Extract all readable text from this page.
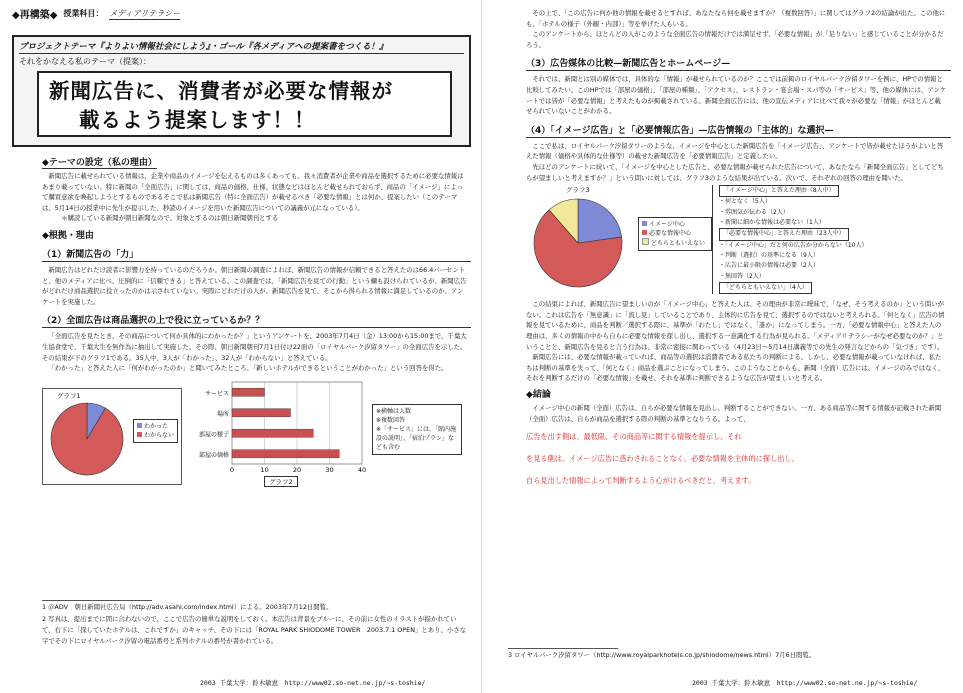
◆再構築◆ 授業科目： メディアリテラシー
プロジェクトテーマ『よりよい情報社会にしよう』・ゴール『各メディアへの提案書をつくる！』
それをかなえる私のテーマ（提案）：
新聞広告に、消費者が必要な情報が
載るよう提案します！！
◆テーマの設定（私の理由）
新聞広告に載せられている情報は、企業や商品のイメージを伝えるものは多くあっても、我々消費者が企業や商品を選択するために必要な情報はあまり載っていない。特に新聞の「全面広告」に関しては、商品の価格、仕様、状態などはほとんど載せられておらず、商品の「イメージ」によって購買意欲を喚起しようとするものであるそこで私は新聞広告（特に全面広告）が載せるべき「必要な情報」とは何か、提案したい（このテーマは、5月14日の授業中に先生が提示した、秒読のイメージを用いた新聞広告についての議義が元になっている）。
＊購読している新聞が朝日新聞なので、対象とするのは朝日新聞朝刊とする
◆根拠・理由
（1）新聞広告の「力」
新聞広告はどれだけ読者に影響力を持っているのだろうか。朝日新聞の調査によれば、新聞広告の情報が信頼できると答えたのは66.4パーセントと、他のメディアに比べ、圧倒的に「信頼できる」と答えている。この調査では、「新聞広告を見ての行動」という欄も設けられているが、新聞広告がどれだけ商品選択に役立ったのかは示されていない。実際にどれだけの人が、新聞広告を見て、そこから得られる情報に満足しているのか、アンケートを実施した。
（2）全面広告は商品選択の上で役に立っているか？？
「全面広告を見たとき、その商品について何か具体的にわかったか？」というアンケートを、2003年7月4日（金）13:00から15:00まで、千葉大生協食堂で、千葉大生を無作為に抽出して実施した。その際、朝日新聞朝刊7月1日付け22面の「ロイヤルパーク汐留タワー」の全面広告を示した。その結果が下のグラフ1である。35人中、3人が「わかった」、32人が「わからない」と答えている。
「わかった」と答えた人に「何がわかったのか」と聞いてみたところ、「新しいホテルができるということがわかった」という回答を得た。
グラフ1
わかった
わからない
0	10	20	30	40
部屋の価格
部屋の様子
場所
サービス
グラフ2
※横軸は人数
※複数回答
※「サービス」には、「館内施設の説明」、「宿泊プラン」なども含む
1 ＠ADV　朝日新聞社広告局（http://adv.asahi.com/index.html）による。2003年7月12日閲覧。
2 写真は、提出までに間に合わないので、ここで広告の簡単な説明をしておく。本広告は背景をブルーに、その前に女性のイラストが描かれていて、右下に「探していたホテルは、これですか」のキャッチ、その下には「ROYAL PARK SHIODOME TOWER　2003.7.1 OPEN」とあり、小さな字でその下にロイヤルパーク汐留の電話番号と系列ホテルの番号が書かれている。
2003 千葉大学：鈴木敏恵　http://www02.so-net.ne.jp/~s-toshie/
その上で、「この広告に何か他の情報を載せるとすれば、あなたなら何を載せますか？（複数回答）」に関してはグラフ2の結論が出た。この他にも、「ホテルの様子（外観・内部）」等を挙げた人もいる。
このアンケートから、ほとんどの人がこのような全面広告の情報だけでは満足せず、「必要な情報」が「足りない」と感じていることが分かるだろう。
（3）広告媒体の比較—新聞広告とホームページ—
それでは、新聞とは別の媒体では、具体的な「情報」が載せられているのか？ここでは前掲のロイヤルパーク汐留タワーを例に、HPでの情報と比較してみたい。このHPでは「部屋の価格」、「部屋の種類」、「アクセス」、レストラン・宴会場・スパ等の「サービス」等、他の媒体には、アンケートでは皆が「必要な情報」と考えたものが掲載されている。新聞全面広告には、他の宣伝メディアに比べて我々が必要な「情報」がほとんど載せられていないことがわかる。
（4）「イメージ広告」と「必要情報広告」—広告情報の「主体的」な選択—
ここで私は、ロイヤルパーク汐留タワーのような、イメージを中心とした新聞広告を「イメージ広告」、アンケートで皆が載せたほうがよいと答えた情報（価格や具体的な仕様等）の載せた新聞広告を「必要情報広告」と定義したい。
先ほどのアンケートに続いて、「イメージを中心とした広告と、必要な情報が載せられた広告について、あなたなら「新聞全面広告」としてどちらが望ましいと考えますか？」という問いに対しては、グラフ3のような結果が出ている。次いで、それぞれの回答の理由を聞いた。
グラフ3
イメージ中心
必要な情報中心
どちらともいえない
「イメージ中心」と答えた理由（8人中）
・何となく（5人）
・雰囲気が伝わる（2人）
・新聞に細かな情報は必要ない（1人）
「必要な情報中心」と答えた理由（23人中）
・「イメージ中心」だと何の広告か分からない（10人）
・判断（選択）の基準になる（9人）
・広告に最小限の情報は必要（2人）
・無回答（2人）
「どちらともいえない」（4人）
この結果によれば、新聞広告に望ましいのが「イメージ中心」と答えた人は、その理由が非常に曖昧で、「なぜ、そう考えるのか」という問いがない。これは広告を「無意識」に「流し見」していることであり、主体的に広告を見て、選択するのではないと考えられる。「何となく」広告の情報を見ているために、商品を判断／選択する際に、基準が「わたし」ではなく、「誰か」になってしまう。一方、「必要な情報中心」と答えた人の理由は、多くの情報の中から自らに必要な情報を探し出し、選択する一意識化する行為が見られる。「メディアリテラシーがなぜ必要なのか？」ということと、新聞広告を見ると言う行為は、非常に密接に関わっている（4月23日〜5月14日講義等での先生の発言などからの「気づき」です）。
新聞広告には、必要な情報が載っていれば、商品等の選択は消費者である私たちの判断による。しかし、必要な情報が載っていなければ、私たちは判断の基準を失って、「何となく」商品を選ぶことになってしまう。このようなことからも、新聞（全面）広告には、イメージのみではなく、それを判断するだけの「必要な情報」を載せ、それを基準に判断できるような広告が望ましいと考える。
◆結論
イメージ中心の新聞（全面）広告は、自らが必要な情報を見出し、判断することができない。一方、ある商品等に関する情報が記載された新聞（全面）広告は、自らが商品を選択する際の判断の基準となりうる。よって、
広告を出す側は、最低限、その商品等に関する情報を提示し、それ
を見る側は、イメージ広告に惑わされることなく、必要な情報を主体的に探し出し、
自ら見出した情報によって判断するよう心がけるべきだと、考えます。
3 ロイヤルパーク汐留タワー（http://www.royalparkhotels.co.jp/shiodome/news.html）7月6日閲覧。
2003 千葉大学：鈴木敏恵　http://www02.so-net.ne.jp/~s-toshie/
